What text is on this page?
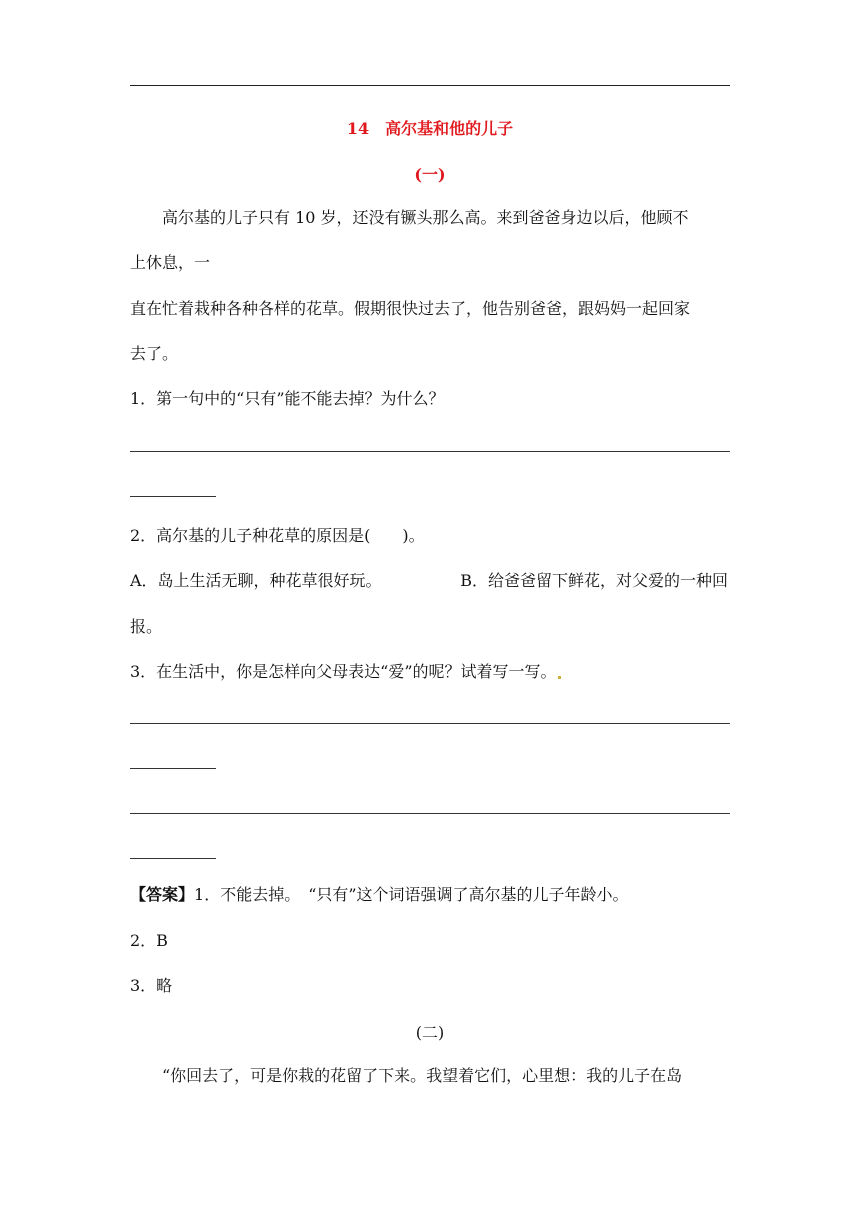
14　高尔基和他的儿子
(一)
高尔基的儿子只有 10 岁，还没有镢头那么高。来到爸爸身边以后，他顾不
上休息，一
直在忙着栽种各种各样的花草。假期很快过去了，他告别爸爸，跟妈妈一起回家
去了。
1．第一句中的“只有”能不能去掉？为什么？
2．高尔基的儿子种花草的原因是(　　)。
A．岛上生活无聊，种花草很好玩。	B．给爸爸留下鲜花，对父爱的一种回
报。
3．在生活中，你是怎样向父母表达“爱”的呢？试着写一写。
【答案】1．不能去掉。　“只有”这个词语强调了高尔基的儿子年龄小。
2．B
3．略
(二)
“你回去了，可是你栽的花留了下来。我望着它们，心里想：我的儿子在岛
